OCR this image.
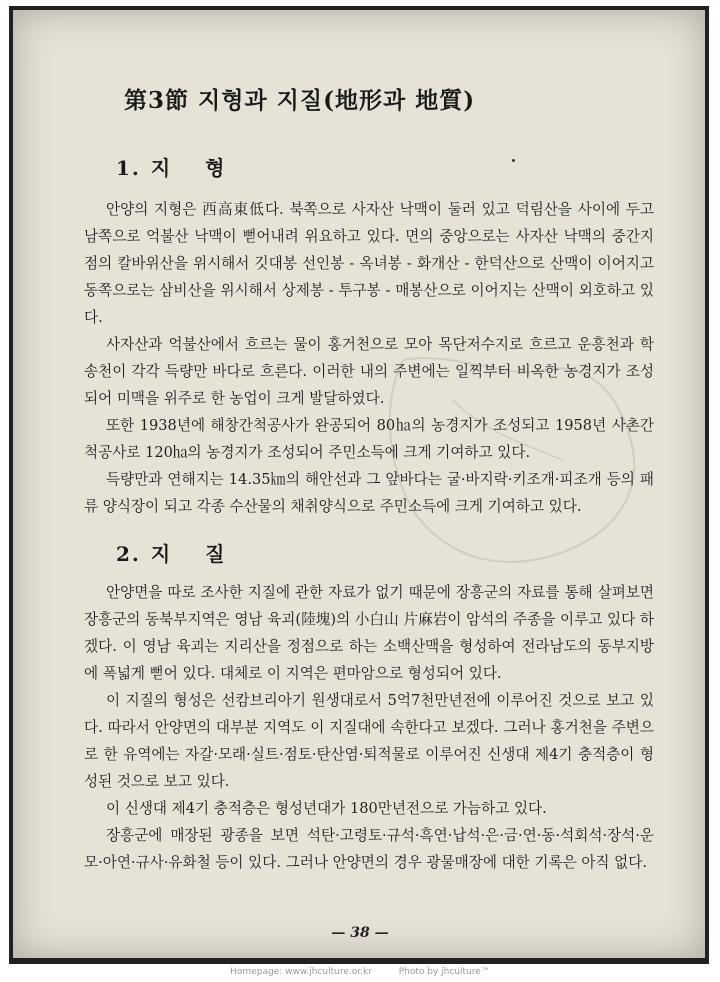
第3節 지형과 지질(地形과 地質)
1. 지 형

안양의 지형은 西高東低다. 북쪽으로 사자산 낙맥이 둘러 있고 덕림산을 사이에 두고 남쪽으로 억불산 낙맥이 뻗어내려 위요하고 있다. 면의 중앙으로는 사자산 낙맥의 중간지점의 칼바위산을 위시해서 깃대봉 선인봉 - 옥녀봉 - 화개산 - 한덕산으로 산맥이 이어지고 동쪽으로는 삼비산을 위시해서 상제봉 - 투구봉 - 매봉산으로 이어지는 산맥이 외호하고 있다.

사자산과 억불산에서 흐르는 물이 홍거천으로 모아 목단저수지로 흐르고 운흥천과 학송천이 각각 득량만 바다로 흐른다. 이러한 내의 주변에는 일찍부터 비옥한 농경지가 조성되어 미맥을 위주로 한 농업이 크게 발달하였다.

또한 1938년에 해창간척공사가 완공되어 80㏊의 농경지가 조성되고 1958년 사촌간척공사로 120㏊의 농경지가 조성되어 주민소득에 크게 기여하고 있다.

득량만과 연해지는 14.35㎞의 해안선과 그 앞바다는 굴·바지락·키조개·피조개 등의 패류 양식장이 되고 각종 수산물의 채취양식으로 주민소득에 크게 기여하고 있다.

2. 지 질

안양면을 따로 조사한 지질에 관한 자료가 없기 때문에 장흥군의 자료를 통해 살펴보면 장흥군의 동북부지역은 영남 육괴(陸塊)의 小白山 片麻岩이 암석의 주종을 이루고 있다 하겠다. 이 영남 육괴는 지리산을 정점으로 하는 소백산맥을 형성하여 전라남도의 동부지방에 폭넓게 뻗어 있다. 대체로 이 지역은 편마암으로 형성되어 있다.

이 지질의 형성은 선캄브리아기 원생대로서 5억7천만년전에 이루어진 것으로 보고 있다. 따라서 안양면의 대부분 지역도 이 지질대에 속한다고 보겠다. 그러나 홍거천을 주변으로 한 유역에는 자갈·모래·실트·점토·탄산염·퇴적물로 이루어진 신생대 제4기 충적층이 형성된 것으로 보고 있다.

이 신생대 제4기 충적층은 형성년대가 180만년전으로 가늠하고 있다.

장흥군에 매장된 광종을 보면 석탄·고령토·규석·흑연·납석·은·금·연·동·석회석·장석·운모·아연·규사·유화철 등이 있다. 그러나 안양면의 경우 광물매장에 대한 기록은 아직 없다.

— 38 —
Homepage: www.jhculture.or.kr	Photo by jhculture™
